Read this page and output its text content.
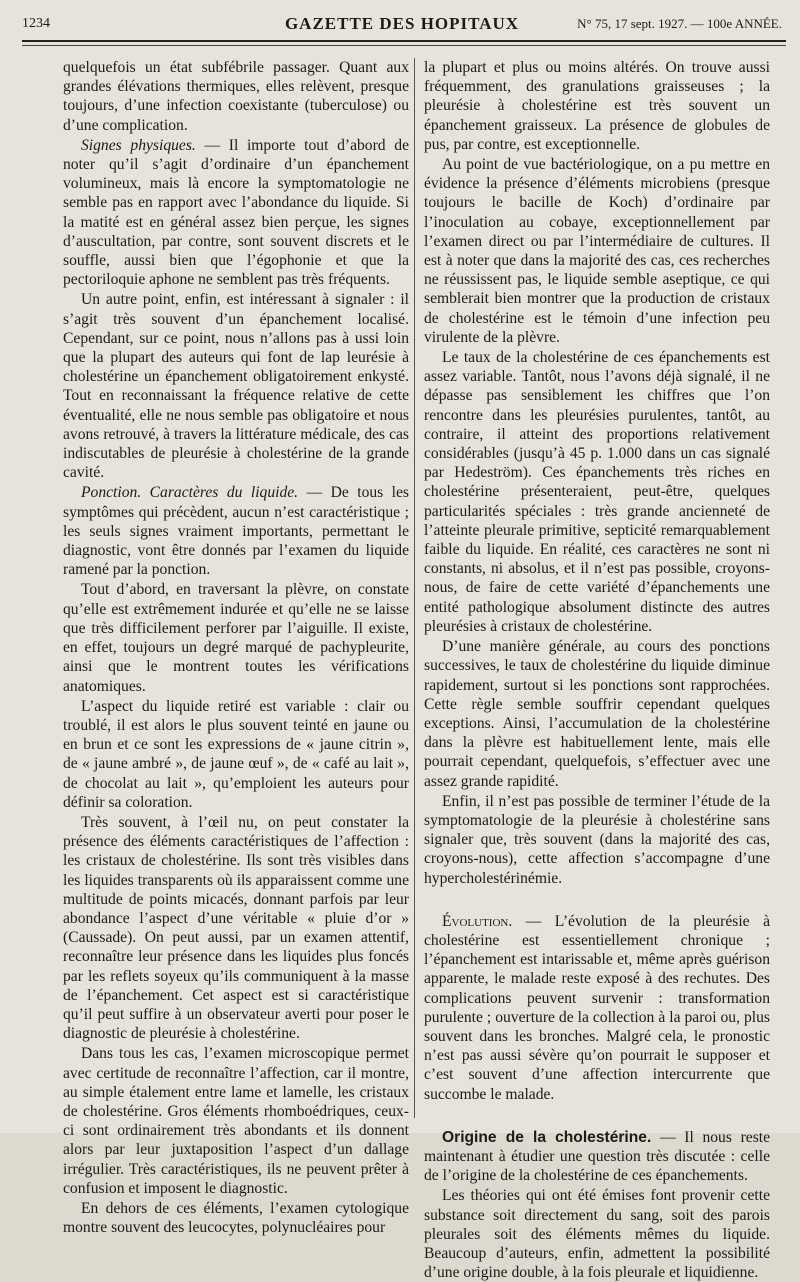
1234	GAZETTE DES HOPITAUX	N° 75, 17 sept. 1927. — 100e ANNÉE.

quelquefois un état subfébrile passager. Quant aux grandes élévations thermiques, elles relèvent, presque toujours, d’une infection coexistante (tuberculose) ou d’une complication.

Signes physiques. — Il importe tout d’abord de noter qu’il s’agit d’ordinaire d’un épanchement volumineux, mais là encore la symptomatologie ne semble pas en rapport avec l’abondance du liquide. Si la matité est en général assez bien perçue, les signes d’auscultation, par contre, sont souvent discrets et le souffle, aussi bien que l’égophonie et que la pectoriloquie aphone ne semblent pas très fréquents.

Un autre point, enfin, est intéressant à signaler : il s’agit très souvent d’un épanchement localisé. Cependant, sur ce point, nous n’allons pas à ussi loin que la plupart des auteurs qui font de lap leurésie à cholestérine un épanchement obligatoirement enkysté. Tout en reconnaissant la fréquence relative de cette éventualité, elle ne nous semble pas obligatoire et nous avons retrouvé, à travers la littérature médicale, des cas indiscutables de pleurésie à cholestérine de la grande cavité.

Ponction. Caractères du liquide. — De tous les symptômes qui précèdent, aucun n’est caractéristique ; les seuls signes vraiment importants, permettant le diagnostic, vont être donnés par l’examen du liquide ramené par la ponction.

Tout d’abord, en traversant la plèvre, on constate qu’elle est extrêmement indurée et qu’elle ne se laisse que très difficilement perforer par l’aiguille. Il existe, en effet, toujours un degré marqué de pachypleurite, ainsi que le montrent toutes les vérifications anatomiques.

L’aspect du liquide retiré est variable : clair ou troublé, il est alors le plus souvent teinté en jaune ou en brun et ce sont les expressions de « jaune citrin », de « jaune ambré », de jaune œuf », de « café au lait », de chocolat au lait », qu’emploient les auteurs pour définir sa coloration.

Très souvent, à l’œil nu, on peut constater la présence des éléments caractéristiques de l’affection : les cristaux de cholestérine. Ils sont très visibles dans les liquides transparents où ils apparaissent comme une multitude de points micacés, donnant parfois par leur abondance l’aspect d’une véritable « pluie d’or » (Caussade). On peut aussi, par un examen attentif, reconnaître leur présence dans les liquides plus foncés par les reflets soyeux qu’ils communiquent à la masse de l’épanchement. Cet aspect est si caractéristique qu’il peut suffire à un observateur averti pour poser le diagnostic de pleurésie à cholestérine.

Dans tous les cas, l’examen microscopique permet avec certitude de reconnaître l’affection, car il montre, au simple étalement entre lame et lamelle, les cristaux de cholestérine. Gros éléments rhomboédriques, ceux-ci sont ordinairement très abondants et ils donnent alors par leur juxtaposition l’aspect d’un dallage irrégulier. Très caractéristiques, ils ne peuvent prêter à confusion et imposent le diagnostic.

En dehors de ces éléments, l’examen cytologique montre souvent des leucocytes, polynucléaires pour

la plupart et plus ou moins altérés. On trouve aussi fréquemment, des granulations graisseuses ; la pleurésie à cholestérine est très souvent un épanchement graisseux. La présence de globules de pus, par contre, est exceptionnelle.

Au point de vue bactériologique, on a pu mettre en évidence la présence d’éléments microbiens (presque toujours le bacille de Koch) d’ordinaire par l’inoculation au cobaye, exceptionnellement par l’examen direct ou par l’intermédiaire de cultures. Il est à noter que dans la majorité des cas, ces recherches ne réussissent pas, le liquide semble aseptique, ce qui semblerait bien montrer que la production de cristaux de cholestérine est le témoin d’une infection peu virulente de la plèvre.

Le taux de la cholestérine de ces épanchements est assez variable. Tantôt, nous l’avons déjà signalé, il ne dépasse pas sensiblement les chiffres que l’on rencontre dans les pleurésies purulentes, tantôt, au contraire, il atteint des proportions relativement considérables (jusqu’à 45 p. 1.000 dans un cas signalé par Hedeström). Ces épanchements très riches en cholestérine présenteraient, peut-être, quelques particularités spéciales : très grande ancienneté de l’atteinte pleurale primitive, septicité remarquablement faible du liquide. En réalité, ces caractères ne sont ni constants, ni absolus, et il n’est pas possible, croyons-nous, de faire de cette variété d’épanchements une entité pathologique absolument distincte des autres pleurésies à cristaux de cholestérine.

D’une manière générale, au cours des ponctions successives, le taux de cholestérine du liquide diminue rapidement, surtout si les ponctions sont rapprochées. Cette règle semble souffrir cependant quelques exceptions. Ainsi, l’accumulation de la cholestérine dans la plèvre est habituellement lente, mais elle pourrait cependant, quelquefois, s’effectuer avec une assez grande rapidité.

Enfin, il n’est pas possible de terminer l’étude de la symptomatologie de la pleurésie à cholestérine sans signaler que, très souvent (dans la majorité des cas, croyons-nous), cette affection s’accompagne d’une hypercholestérinémie.

Évolution. — L’évolution de la pleurésie à cholestérine est essentiellement chronique ; l’épanchement est intarissable et, même après guérison apparente, le malade reste exposé à des rechutes. Des complications peuvent survenir : transformation purulente ; ouverture de la collection à la paroi ou, plus souvent dans les bronches. Malgré cela, le pronostic n’est pas aussi sévère qu’on pourrait le supposer et c’est souvent d’une affection intercurrente que succombe le malade.

Origine de la cholestérine. — Il nous reste maintenant à étudier une question très discutée : celle de l’origine de la cholestérine de ces épanchements.

Les théories qui ont été émises font provenir cette substance soit directement du sang, soit des parois pleurales soit des éléments mêmes du liquide. Beaucoup d’auteurs, enfin, admettent la possibilité d’une origine double, à la fois pleurale et liquidienne.
